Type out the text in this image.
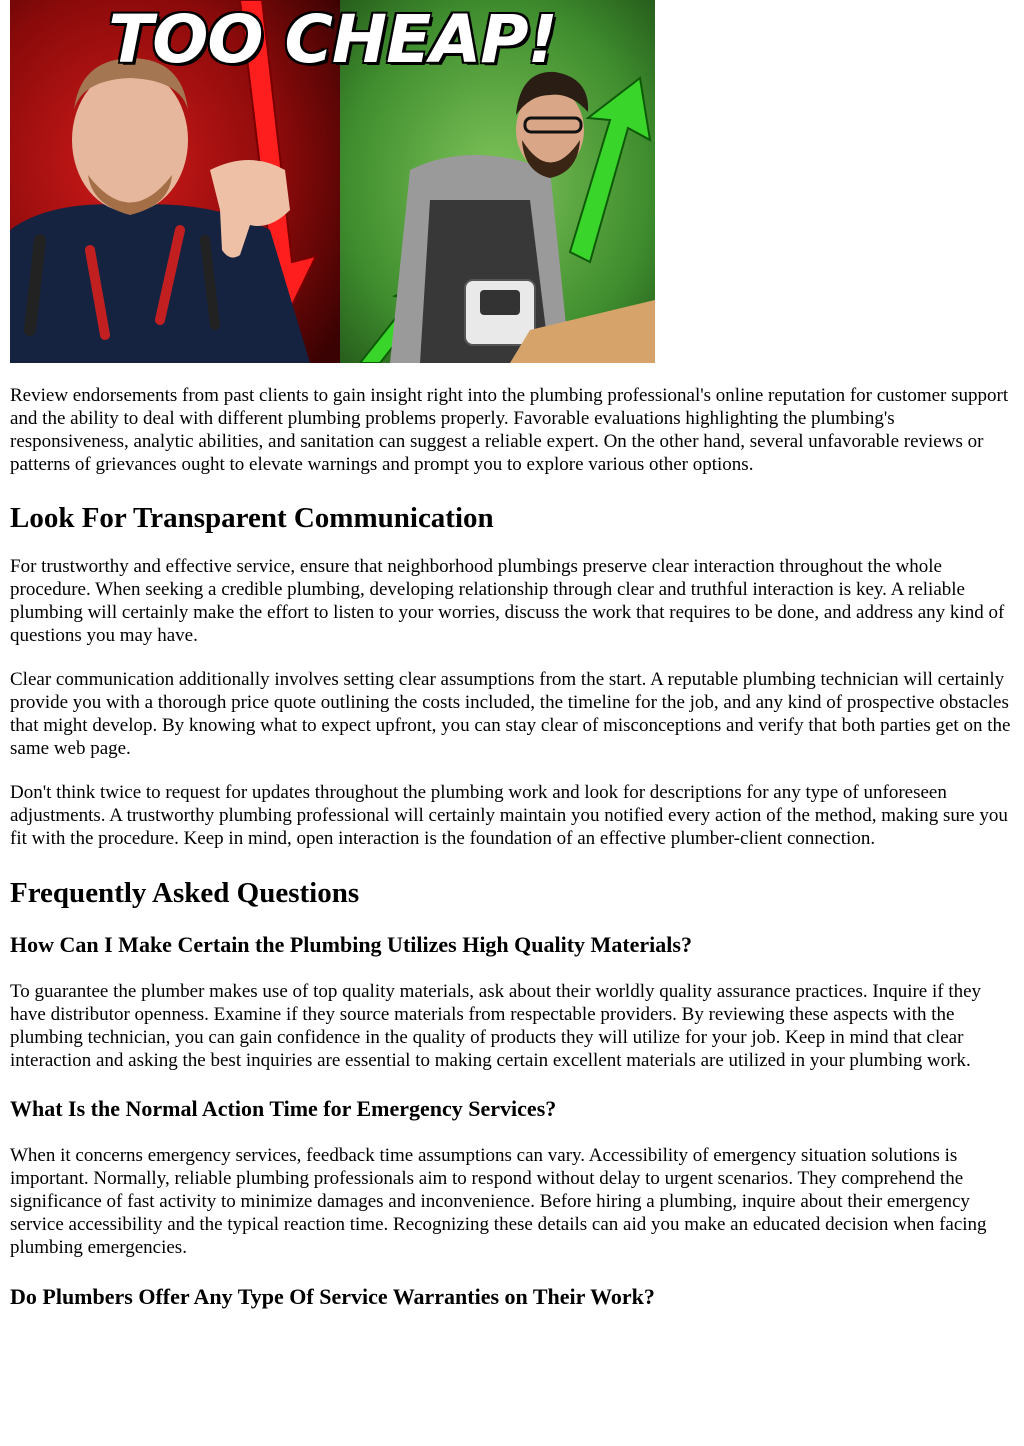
TOO CHEAP!

Review endorsements from past clients to gain insight right into the plumbing professional's online reputation for customer support and the ability to deal with different plumbing problems properly. Favorable evaluations highlighting the plumbing's responsiveness, analytic abilities, and sanitation can suggest a reliable expert. On the other hand, several unfavorable reviews or patterns of grievances ought to elevate warnings and prompt you to explore various other options.

Look For Transparent Communication

For trustworthy and effective service, ensure that neighborhood plumbings preserve clear interaction throughout the whole procedure. When seeking a credible plumbing, developing relationship through clear and truthful interaction is key. A reliable plumbing will certainly make the effort to listen to your worries, discuss the work that requires to be done, and address any kind of questions you may have.

Clear communication additionally involves setting clear assumptions from the start. A reputable plumbing technician will certainly provide you with a thorough price quote outlining the costs included, the timeline for the job, and any kind of prospective obstacles that might develop. By knowing what to expect upfront, you can stay clear of misconceptions and verify that both parties get on the same web page.

Don't think twice to request for updates throughout the plumbing work and look for descriptions for any type of unforeseen adjustments. A trustworthy plumbing professional will certainly maintain you notified every action of the method, making sure you fit with the procedure. Keep in mind, open interaction is the foundation of an effective plumber-client connection.

Frequently Asked Questions
How Can I Make Certain the Plumbing Utilizes High Quality Materials?

To guarantee the plumber makes use of top quality materials, ask about their worldly quality assurance practices. Inquire if they have distributor openness. Examine if they source materials from respectable providers. By reviewing these aspects with the plumbing technician, you can gain confidence in the quality of products they will utilize for your job. Keep in mind that clear interaction and asking the best inquiries are essential to making certain excellent materials are utilized in your plumbing work.

What Is the Normal Action Time for Emergency Services?

When it concerns emergency services, feedback time assumptions can vary. Accessibility of emergency situation solutions is important. Normally, reliable plumbing professionals aim to respond without delay to urgent scenarios. They comprehend the significance of fast activity to minimize damages and inconvenience. Before hiring a plumbing, inquire about their emergency service accessibility and the typical reaction time. Recognizing these details can aid you make an educated decision when facing plumbing emergencies.

Do Plumbers Offer Any Type Of Service Warranties on Their Work?
